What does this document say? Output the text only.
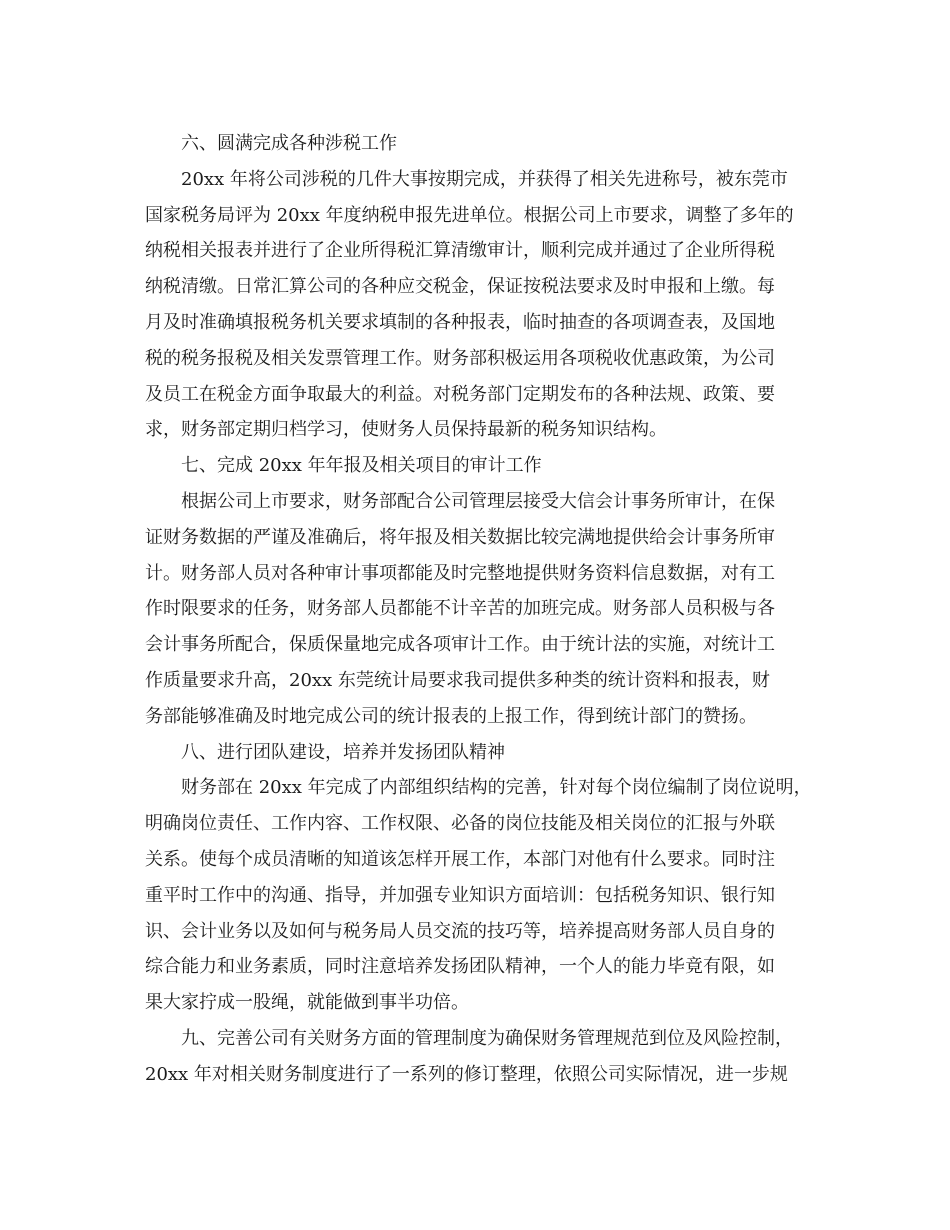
六、圆满完成各种涉税工作
20xx 年将公司涉税的几件大事按期完成，并获得了相关先进称号，被东莞市
国家税务局评为 20xx 年度纳税申报先进单位。根据公司上市要求，调整了多年的
纳税相关报表并进行了企业所得税汇算清缴审计，顺利完成并通过了企业所得税
纳税清缴。日常汇算公司的各种应交税金，保证按税法要求及时申报和上缴。每
月及时准确填报税务机关要求填制的各种报表，临时抽查的各项调查表，及国地
税的税务报税及相关发票管理工作。财务部积极运用各项税收优惠政策，为公司
及员工在税金方面争取最大的利益。对税务部门定期发布的各种法规、政策、要
求，财务部定期归档学习，使财务人员保持最新的税务知识结构。
七、完成 20xx 年年报及相关项目的审计工作
根据公司上市要求，财务部配合公司管理层接受大信会计事务所审计，在保
证财务数据的严谨及准确后，将年报及相关数据比较完满地提供给会计事务所审
计。财务部人员对各种审计事项都能及时完整地提供财务资料信息数据，对有工
作时限要求的任务，财务部人员都能不计辛苦的加班完成。财务部人员积极与各
会计事务所配合，保质保量地完成各项审计工作。由于统计法的实施，对统计工
作质量要求升高，20xx 东莞统计局要求我司提供多种类的统计资料和报表，财
务部能够准确及时地完成公司的统计报表的上报工作，得到统计部门的赞扬。
八、进行团队建设，培养并发扬团队精神
财务部在 20xx 年完成了内部组织结构的完善，针对每个岗位编制了岗位说明，
明确岗位责任、工作内容、工作权限、必备的岗位技能及相关岗位的汇报与外联
关系。使每个成员清晰的知道该怎样开展工作，本部门对他有什么要求。同时注
重平时工作中的沟通、指导，并加强专业知识方面培训：包括税务知识、银行知
识、会计业务以及如何与税务局人员交流的技巧等，培养提高财务部人员自身的
综合能力和业务素质，同时注意培养发扬团队精神，一个人的能力毕竟有限，如
果大家拧成一股绳，就能做到事半功倍。
九、完善公司有关财务方面的管理制度为确保财务管理规范到位及风险控制，
20xx 年对相关财务制度进行了一系列的修订整理，依照公司实际情况，进一步规
